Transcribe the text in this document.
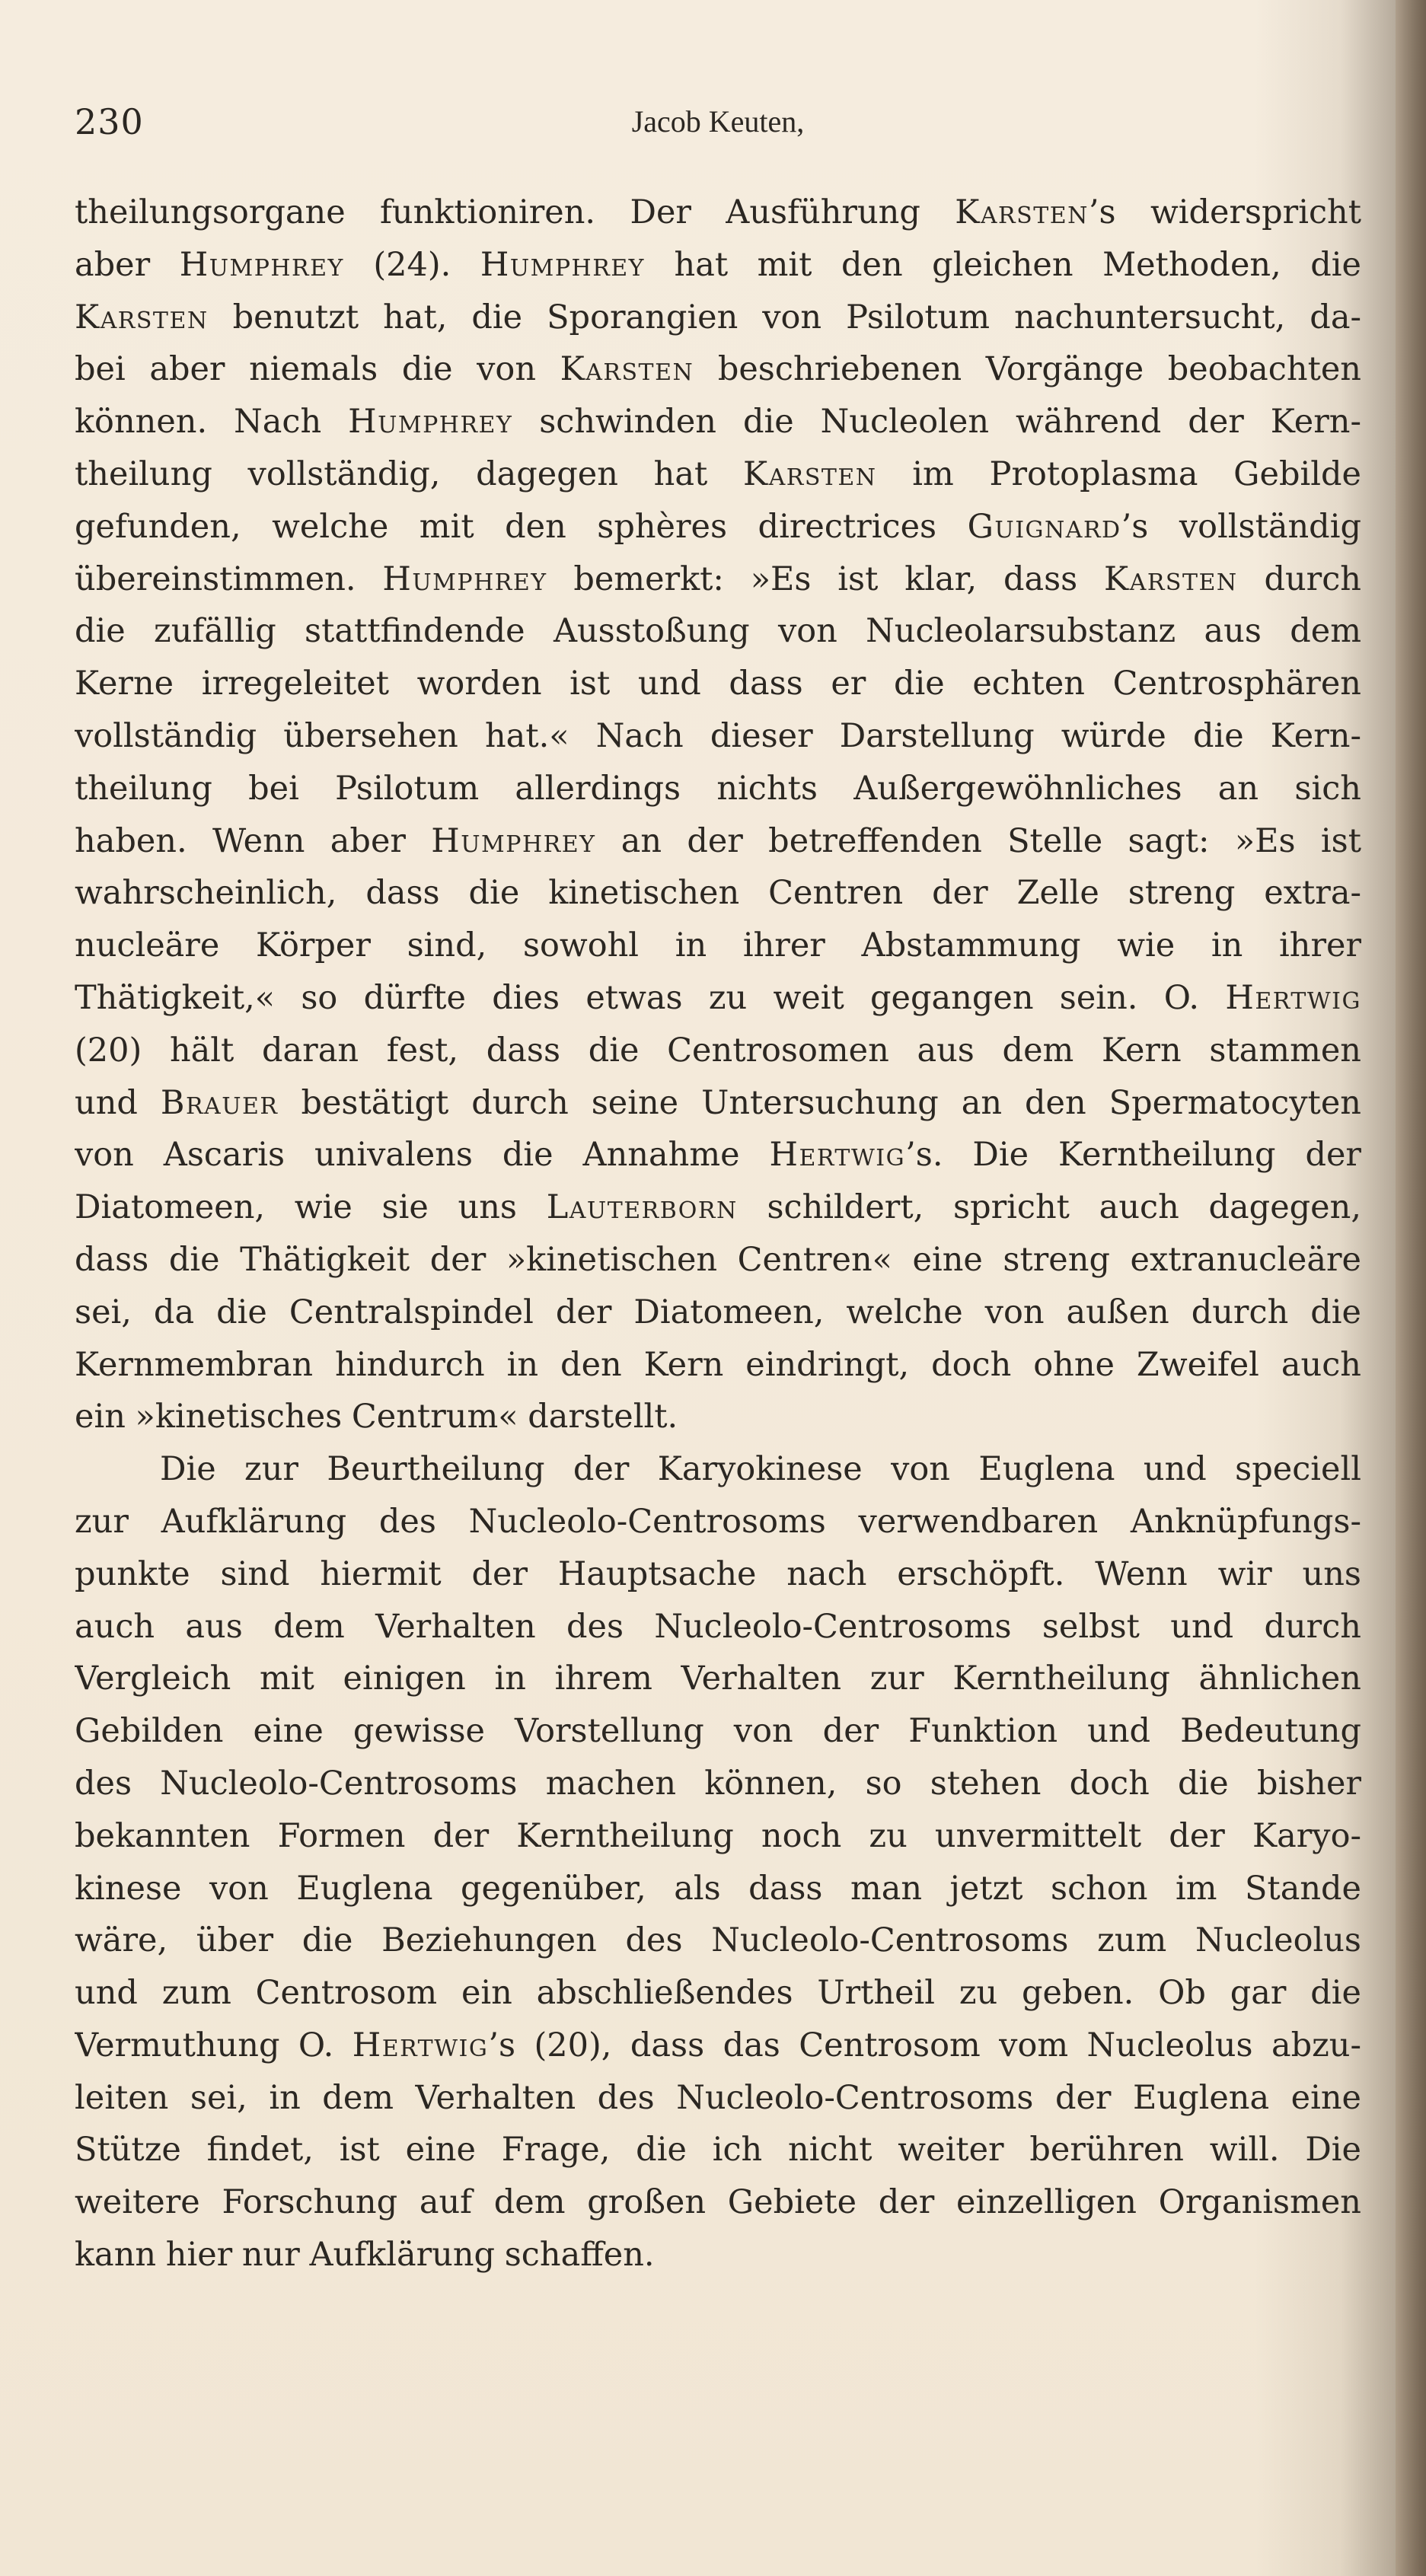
230	Jacob Keuten,
theilungsorgane funktioniren. Der Ausführung Karsten’s widerspricht
aber Humphrey (24). Humphrey hat mit den gleichen Methoden, die
Karsten benutzt hat, die Sporangien von Psilotum nachuntersucht, da-
bei aber niemals die von Karsten beschriebenen Vorgänge beobachten
können. Nach Humphrey schwinden die Nucleolen während der Kern-
theilung vollständig, dagegen hat Karsten im Protoplasma Gebilde
gefunden, welche mit den sphères directrices Guignard’s vollständig
übereinstimmen. Humphrey bemerkt: »Es ist klar, dass Karsten durch
die zufällig stattfindende Ausstoßung von Nucleolarsubstanz aus dem
Kerne irregeleitet worden ist und dass er die echten Centrosphären
vollständig übersehen hat.« Nach dieser Darstellung würde die Kern-
theilung bei Psilotum allerdings nichts Außergewöhnliches an sich
haben. Wenn aber Humphrey an der betreffenden Stelle sagt: »Es ist
wahrscheinlich, dass die kinetischen Centren der Zelle streng extra-
nucleäre Körper sind, sowohl in ihrer Abstammung wie in ihrer
Thätigkeit,« so dürfte dies etwas zu weit gegangen sein. O. Hertwig
(20) hält daran fest, dass die Centrosomen aus dem Kern stammen
und Brauer bestätigt durch seine Untersuchung an den Spermatocyten
von Ascaris univalens die Annahme Hertwig’s. Die Kerntheilung der
Diatomeen, wie sie uns Lauterborn schildert, spricht auch dagegen,
dass die Thätigkeit der »kinetischen Centren« eine streng extranucleäre
sei, da die Centralspindel der Diatomeen, welche von außen durch die
Kernmembran hindurch in den Kern eindringt, doch ohne Zweifel auch
ein »kinetisches Centrum« darstellt.
Die zur Beurtheilung der Karyokinese von Euglena und speciell
zur Aufklärung des Nucleolo-Centrosoms verwendbaren Anknüpfungs-
punkte sind hiermit der Hauptsache nach erschöpft. Wenn wir uns
auch aus dem Verhalten des Nucleolo-Centrosoms selbst und durch
Vergleich mit einigen in ihrem Verhalten zur Kerntheilung ähnlichen
Gebilden eine gewisse Vorstellung von der Funktion und Bedeutung
des Nucleolo-Centrosoms machen können, so stehen doch die bisher
bekannten Formen der Kerntheilung noch zu unvermittelt der Karyo-
kinese von Euglena gegenüber, als dass man jetzt schon im Stande
wäre, über die Beziehungen des Nucleolo-Centrosoms zum Nucleolus
und zum Centrosom ein abschließendes Urtheil zu geben. Ob gar die
Vermuthung O. Hertwig’s (20), dass das Centrosom vom Nucleolus abzu-
leiten sei, in dem Verhalten des Nucleolo-Centrosoms der Euglena eine
Stütze findet, ist eine Frage, die ich nicht weiter berühren will. Die
weitere Forschung auf dem großen Gebiete der einzelligen Organismen
kann hier nur Aufklärung schaffen.
